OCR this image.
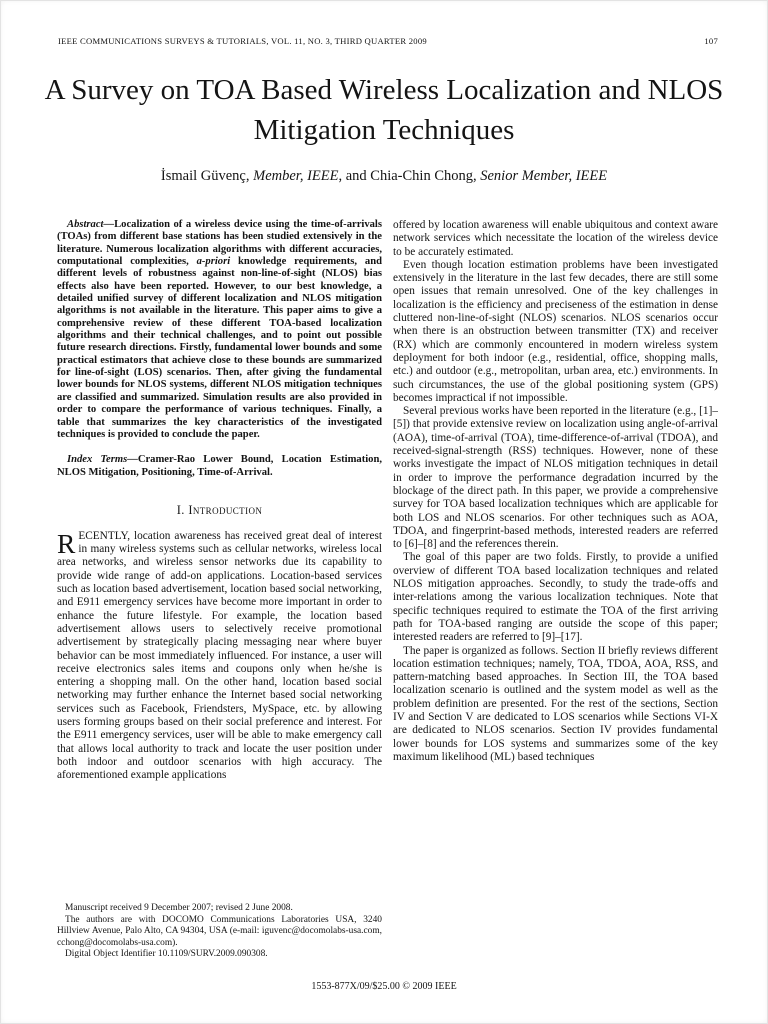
IEEE COMMUNICATIONS SURVEYS & TUTORIALS, VOL. 11, NO. 3, THIRD QUARTER 2009	107
A Survey on TOA Based Wireless Localization and NLOS Mitigation Techniques
İsmail Güvenç, Member, IEEE, and Chia-Chin Chong, Senior Member, IEEE

Abstract—Localization of a wireless device using the time-of-arrivals (TOAs) from different base stations has been studied extensively in the literature. Numerous localization algorithms with different accuracies, computational complexities, a-priori knowledge requirements, and different levels of robustness against non-line-of-sight (NLOS) bias effects also have been reported. However, to our best knowledge, a detailed unified survey of different localization and NLOS mitigation algorithms is not available in the literature. This paper aims to give a comprehensive review of these different TOA-based localization algorithms and their technical challenges, and to point out possible future research directions. Firstly, fundamental lower bounds and some practical estimators that achieve close to these bounds are summarized for line-of-sight (LOS) scenarios. Then, after giving the fundamental lower bounds for NLOS systems, different NLOS mitigation techniques are classified and summarized. Simulation results are also provided in order to compare the performance of various techniques. Finally, a table that summarizes the key characteristics of the investigated techniques is provided to conclude the paper.

Index Terms—Cramer-Rao Lower Bound, Location Estimation, NLOS Mitigation, Positioning, Time-of-Arrival.

I. Introduction

RECENTLY, location awareness has received great deal of interest in many wireless systems such as cellular networks, wireless local area networks, and wireless sensor networks due its capability to provide wide range of add-on applications. Location-based services such as location based advertisement, location based social networking, and E911 emergency services have become more important in order to enhance the future lifestyle. For example, the location based advertisement allows users to selectively receive promotional advertisement by strategically placing messaging near where buyer behavior can be most immediately influenced. For instance, a user will receive electronics sales items and coupons only when he/she is entering a shopping mall. On the other hand, location based social networking may further enhance the Internet based social networking services such as Facebook, Friendsters, MySpace, etc. by allowing users forming groups based on their social preference and interest. For the E911 emergency services, user will be able to make emergency call that allows local authority to track and locate the user position under both indoor and outdoor scenarios with high accuracy. The aforementioned example applications

Manuscript received 9 December 2007; revised 2 June 2008.

The authors are with DOCOMO Communications Laboratories USA, 3240 Hillview Avenue, Palo Alto, CA 94304, USA (e-mail: iguvenc@docomolabs-usa.com, cchong@docomolabs-usa.com).

Digital Object Identifier 10.1109/SURV.2009.090308.

offered by location awareness will enable ubiquitous and context aware network services which necessitate the location of the wireless device to be accurately estimated.

Even though location estimation problems have been investigated extensively in the literature in the last few decades, there are still some open issues that remain unresolved. One of the key challenges in localization is the efficiency and preciseness of the estimation in dense cluttered non-line-of-sight (NLOS) scenarios. NLOS scenarios occur when there is an obstruction between transmitter (TX) and receiver (RX) which are commonly encountered in modern wireless system deployment for both indoor (e.g., residential, office, shopping malls, etc.) and outdoor (e.g., metropolitan, urban area, etc.) environments. In such circumstances, the use of the global positioning system (GPS) becomes impractical if not impossible.

Several previous works have been reported in the literature (e.g., [1]–[5]) that provide extensive review on localization using angle-of-arrival (AOA), time-of-arrival (TOA), time-difference-of-arrival (TDOA), and received-signal-strength (RSS) techniques. However, none of these works investigate the impact of NLOS mitigation techniques in detail in order to improve the performance degradation incurred by the blockage of the direct path. In this paper, we provide a comprehensive survey for TOA based localization techniques which are applicable for both LOS and NLOS scenarios. For other techniques such as AOA, TDOA, and fingerprint-based methods, interested readers are referred to [6]–[8] and the references therein.

The goal of this paper are two folds. Firstly, to provide a unified overview of different TOA based localization techniques and related NLOS mitigation approaches. Secondly, to study the trade-offs and inter-relations among the various localization techniques. Note that specific techniques required to estimate the TOA of the first arriving path for TOA-based ranging are outside the scope of this paper; interested readers are referred to [9]–[17].

The paper is organized as follows. Section II briefly reviews different location estimation techniques; namely, TOA, TDOA, AOA, RSS, and pattern-matching based approaches. In Section III, the TOA based localization scenario is outlined and the system model as well as the problem definition are presented. For the rest of the sections, Section IV and Section V are dedicated to LOS scenarios while Sections VI-X are dedicated to NLOS scenarios. Section IV provides fundamental lower bounds for LOS systems and summarizes some of the key maximum likelihood (ML) based techniques

1553-877X/09/$25.00 © 2009 IEEE
